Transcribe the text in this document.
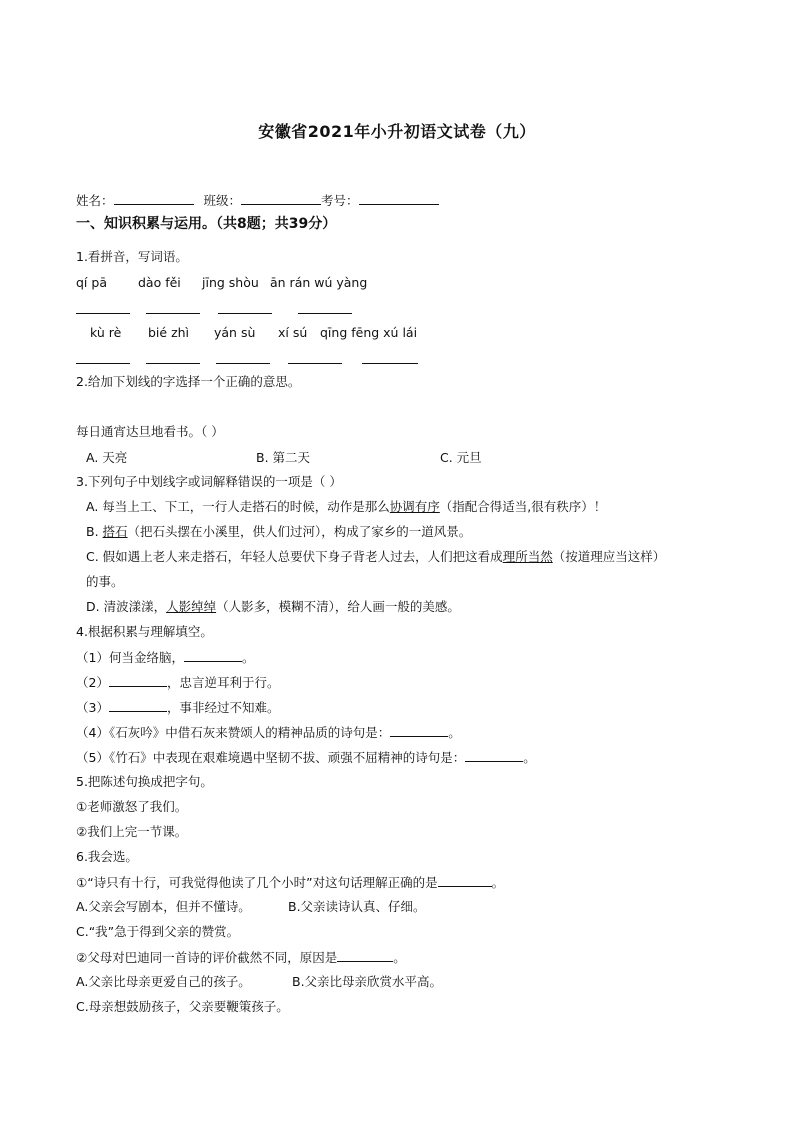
安徽省2021年小升初语文试卷（九）
姓名：	班级：	考号：
一、知识积累与运用。（共8题；共39分）
1.看拼音，写词语。
qí pā dào fěi jīng shòu ān rán wú yàng
kù rè bié zhì yán sù xí sú qīng fēng xú lái
2.给加下划线的字选择一个正确的意思。
每日通宵达旦地看书。（ ）
A. 天亮	B. 第二天	C. 元旦
3.下列句子中划线字或词解释错误的一项是（ ）
A. 每当上工、下工，一行人走搭石的时候，动作是那么协调有序（指配合得适当,很有秩序）！
B. 搭石（把石头摆在小溪里，供人们过河），构成了家乡的一道风景。
C. 假如遇上老人来走搭石，年轻人总要伏下身子背老人过去，人们把这看成理所当然（按道理应当这样）
的事。
D. 清波漾漾，人影绰绰（人影多，模糊不清），给人画一般的美感。
4.根据积累与理解填空。
（1）何当金络脑，	。
（2）	，忠言逆耳利于行。
（3）	，事非经过不知难。
（4）《石灰吟》中借石灰来赞颂人的精神品质的诗句是：	。
（5）《竹石》中表现在艰难境遇中坚韧不拔、顽强不屈精神的诗句是：	。
5.把陈述句换成把字句。
①老师激怒了我们。
②我们上完一节课。
6.我会选。
①“诗只有十行，可我觉得他读了几个小时”对这句话理解正确的是	。
A.父亲会写剧本，但并不懂诗。	B.父亲读诗认真、仔细。
C.“我”急于得到父亲的赞赏。
②父母对巴迪同一首诗的评价截然不同，原因是	。
A.父亲比母亲更爱自己的孩子。	B.父亲比母亲欣赏水平高。
C.母亲想鼓励孩子，父亲要鞭策孩子。
